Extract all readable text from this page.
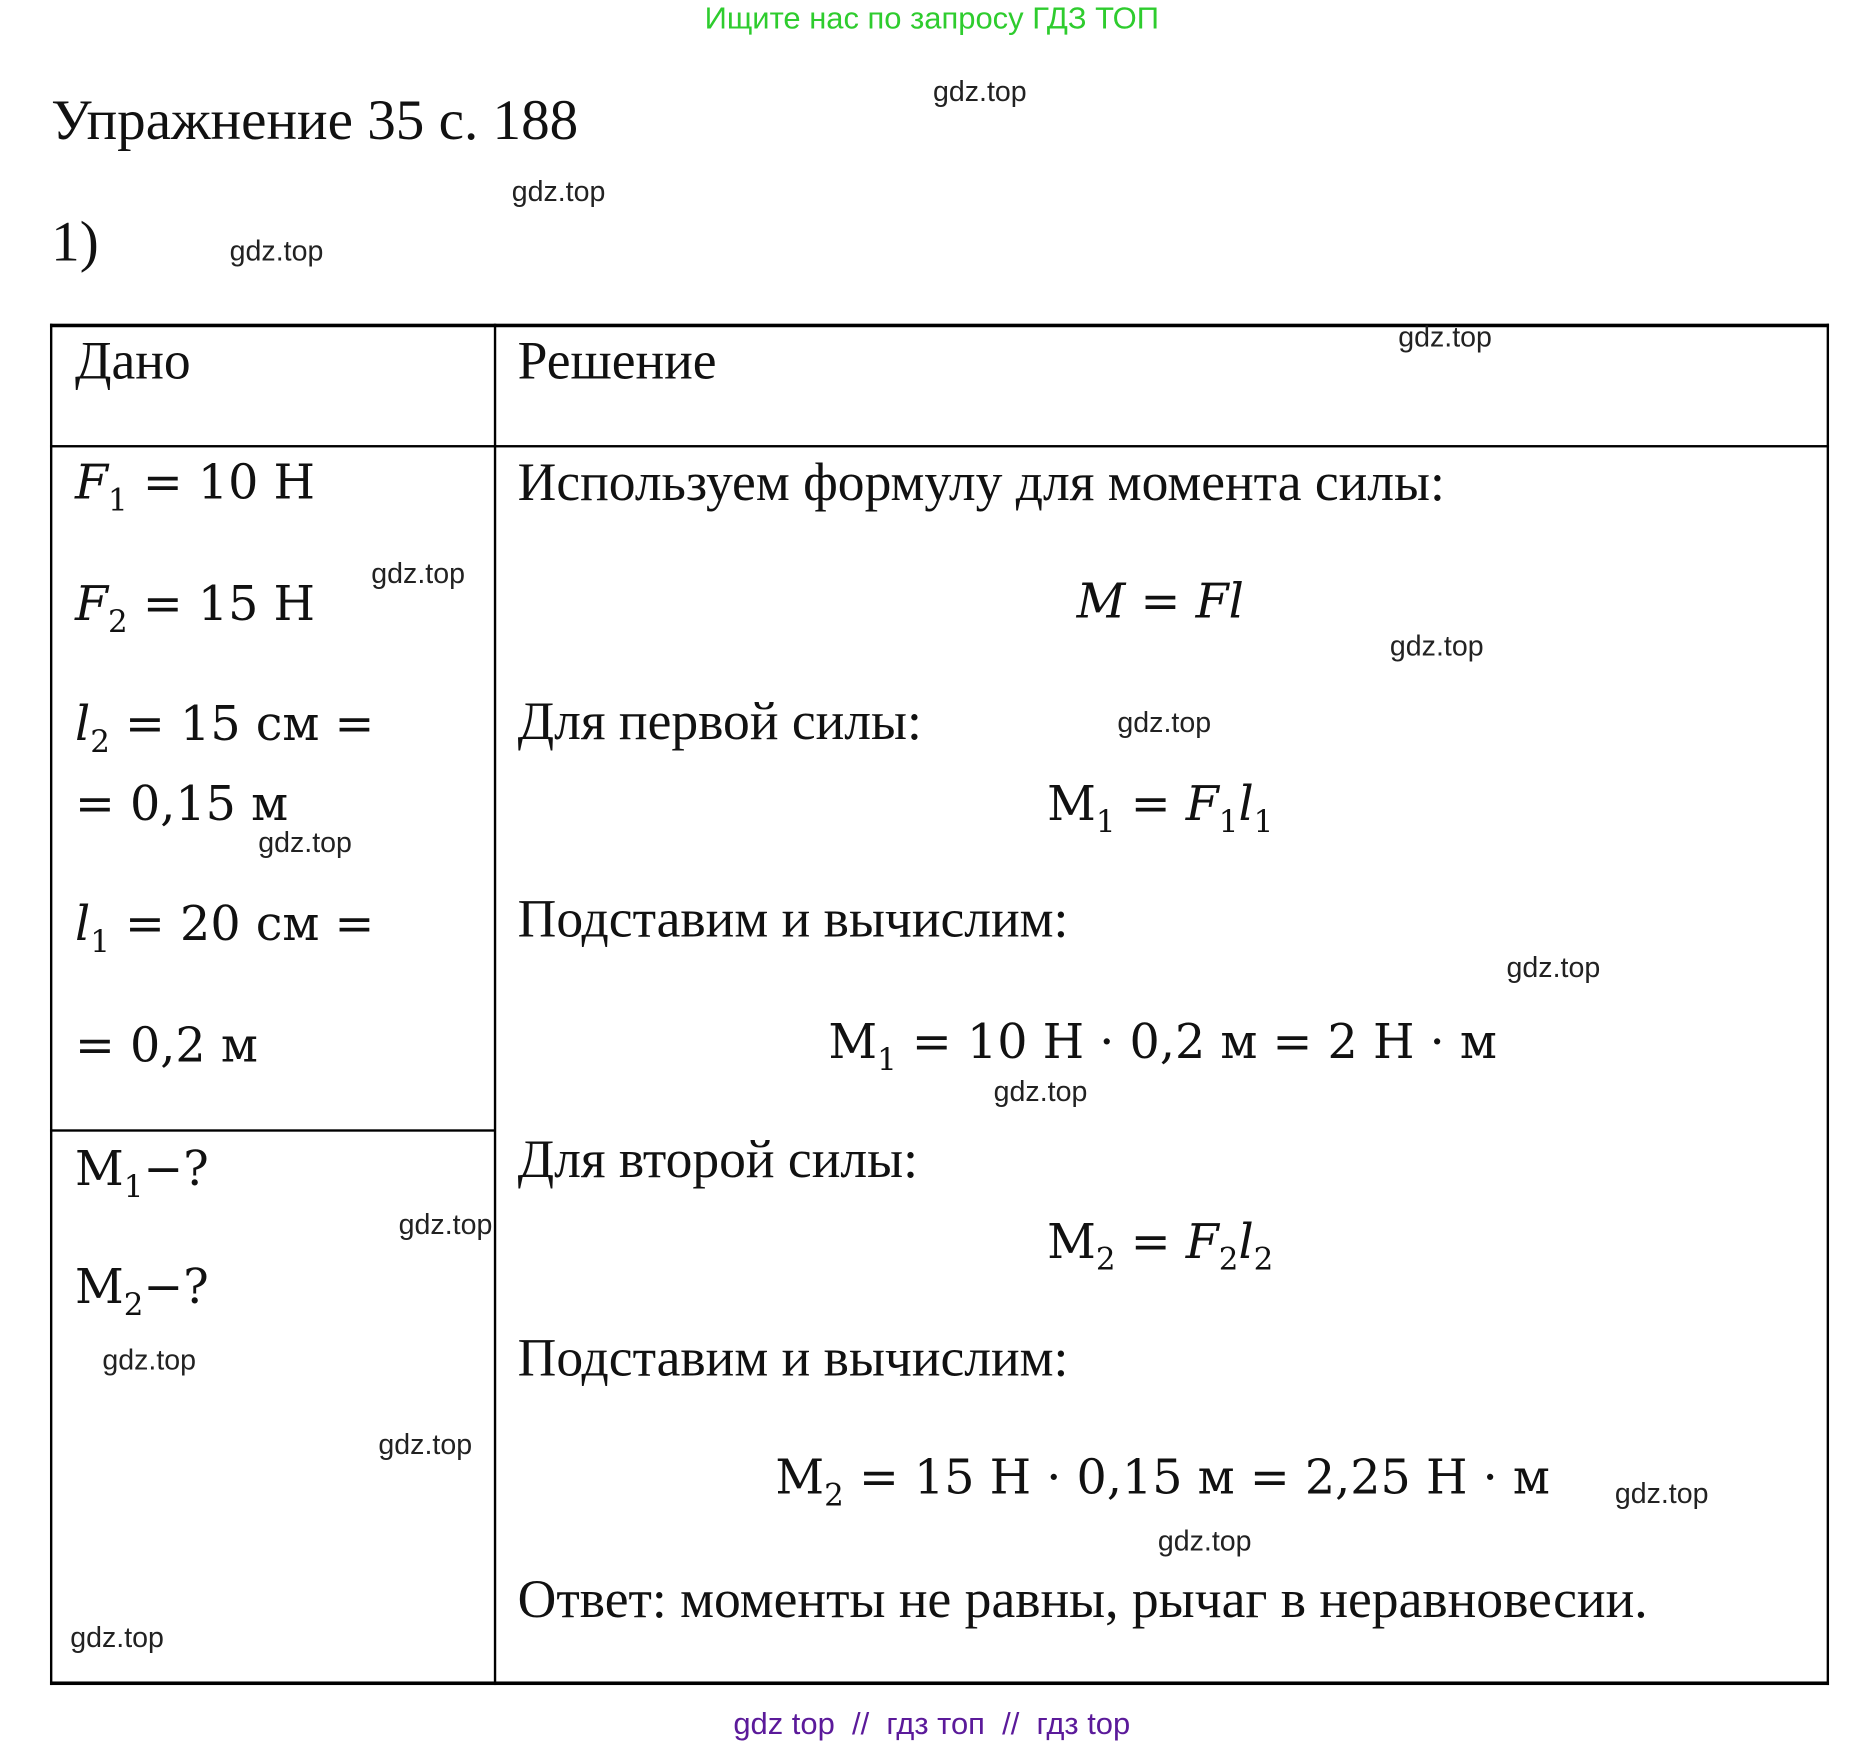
Ищите нас по запросу ГДЗ ТОП
Упражнение 35 с. 188
1)
Дано	Решение
$F_1 = 10$ Н
$F_2 = 15$ Н
$l_2 = 15$ см =
= 0,15 м
$l_1 = 20$ см =
= 0,2 м
$M_1-$?
$M_2-$?
Используем формулу для момента силы:
M = Fl
Для первой силы:
$M_1 = F_1l_1$
Подставим и вычислим:
$M_1 = 10$ Н · 0,2 м = 2 Н · м
Для второй силы:
$M_2 = F_2l_2$
Подставим и вычислим:
$M_2 = 15$ Н · 0,15 м = 2,25 Н · м
Ответ: моменты не равны, рычаг в неравновесии.
gdz.top
gdz.top
gdz.top
gdz.top
gdz.top
gdz.top
gdz.top
gdz.top
gdz.top
gdz.top
gdz.top
gdz.top
gdz.top
gdz.top
gdz.top
gdz.top
gdz top  //  гдз топ  //  гдз top
